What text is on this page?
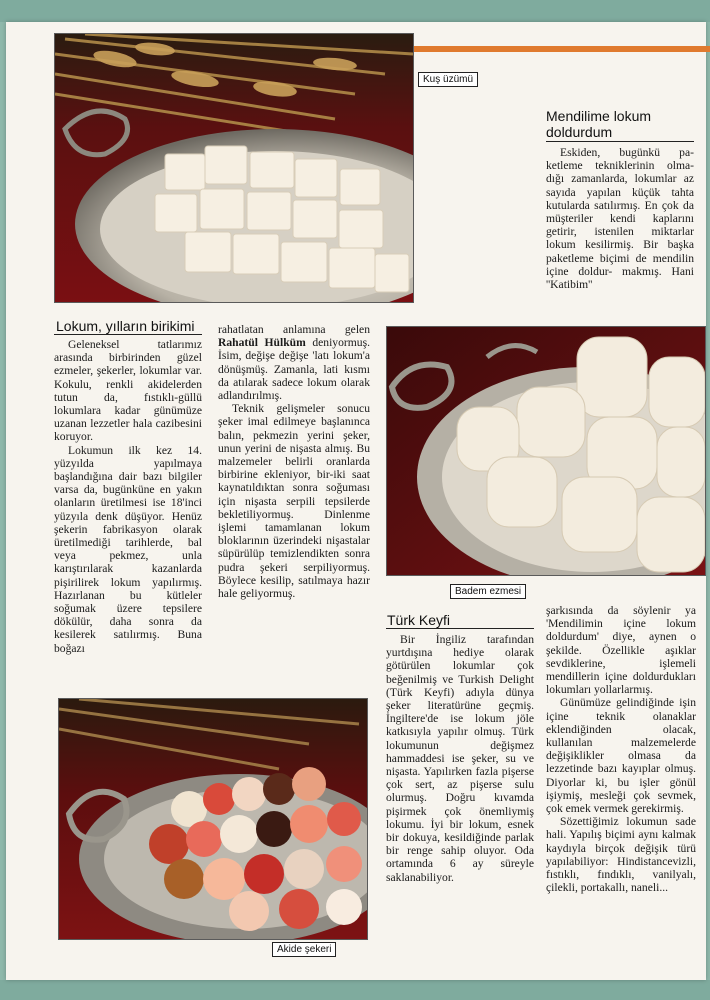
Kuş üzümü
Mendilime lokum
doldurdum

Eskiden, bugünkü pa- ketleme tekniklerinin olma- dığı zamanlarda, lokumlar az sayıda yapılan küçük tahta kutularda satılırmış. En çok da müşteriler kendi kaplarını getirir, istenilen miktarlar lokum kesilirmiş. Bir başka paketleme biçimi de mendilin içine doldur- makmış. Hani ''Katibim''

Lokum, yılların birikimi

Geleneksel tatlarımız arasında birbirinden güzel ezmeler, şekerler, lokumlar var. Kokulu, renkli akidelerden tutun da, fıstıklı-güllü lokumlara kadar günümüze uzanan lezzetler hala cazibesini koruyor.

Lokumun ilk kez 14. yüzyılda yapılmaya başlandığına dair bazı bilgiler varsa da, bugünküne en yakın olanların üretilmesi ise 18'inci yüzyıla denk düşüyor. Henüz şekerin fabrikasyon olarak üretilmediği tarihlerde, bal veya pekmez, unla karıştırılarak kazanlarda pişirilirek lokum yapılırmış. Hazırlanan bu kütleler soğumak üzere tepsilere dökülür, daha sonra da kesilerek satılırmış. Buna boğazı

rahatlatan anlamına gelen Rahatül Hülküm deniyormuş. İsim, değişe değişe 'latı lokum'a dönüşmüş. Zamanla, lati kısmı da atılarak sadece lokum olarak adlandırılmış.

Teknik gelişmeler sonucu şeker imal edilmeye başlanınca balın, pekmezin yerini şeker, unun yerini de nişasta almış. Bu malzemeler belirli oranlarda birbirine ekleniyor, bir-iki saat kaynatıldıktan sonra soğuması için nişasta serpili tepsilerde bekletiliyormuş. Dinlenme işlemi tamamlanan lokum bloklarının üzerindeki nişastalar süpürülüp temizlendikten sonra pudra şekeri serpiliyormuş. Böylece kesilip, satılmaya hazır hale geliyormuş.	Badem ezmesi
Türk Keyfi

Bir İngiliz tarafından yurtdışına hediye olarak götürülen lokumlar çok beğenilmiş ve Turkish Delight (Türk Keyfi) adıyla dünya şeker literatürüne geçmiş. İngiltere'de ise lokum jöle katkısıyla yapılır olmuş. Türk lokumunun değişmez hammaddesi ise şeker, su ve nişasta. Yapılırken fazla pişerse çok sert, az pişerse sulu olurmuş. Doğru kıvamda pişirmek çok önemliymiş lokumu. İyi bir lokum, esnek bir dokuya, kesildiğinde parlak bir renge sahip oluyor. Oda ortamında 6 ay süreyle saklanabiliyor.

şarkısında da söylenir ya 'Mendilimin içine lokum doldurdum' diye, aynen o şekilde. Özellikle aşıklar sevdiklerine, işlemeli mendillerin içine doldurdukları lokumları yollarlarmış.

Günümüze gelindiğinde işin içine teknik olanaklar eklendiğinden olacak, kullanılan malzemelerde değişiklikler olmasa da lezzetinde bazı kayıplar olmuş. Diyorlar ki, bu işler gönül işiymiş, mesleği çok sevmek, çok emek vermek gerekirmiş.

Sözettiğimiz lokumun sade hali. Yapılış biçimi aynı kalmak kaydıyla birçok değişik türü yapılabiliyor: Hindistancevizli, fıstıklı, fındıklı, vanilyalı, çilekli, portakallı, naneli...

Akide şekeri
